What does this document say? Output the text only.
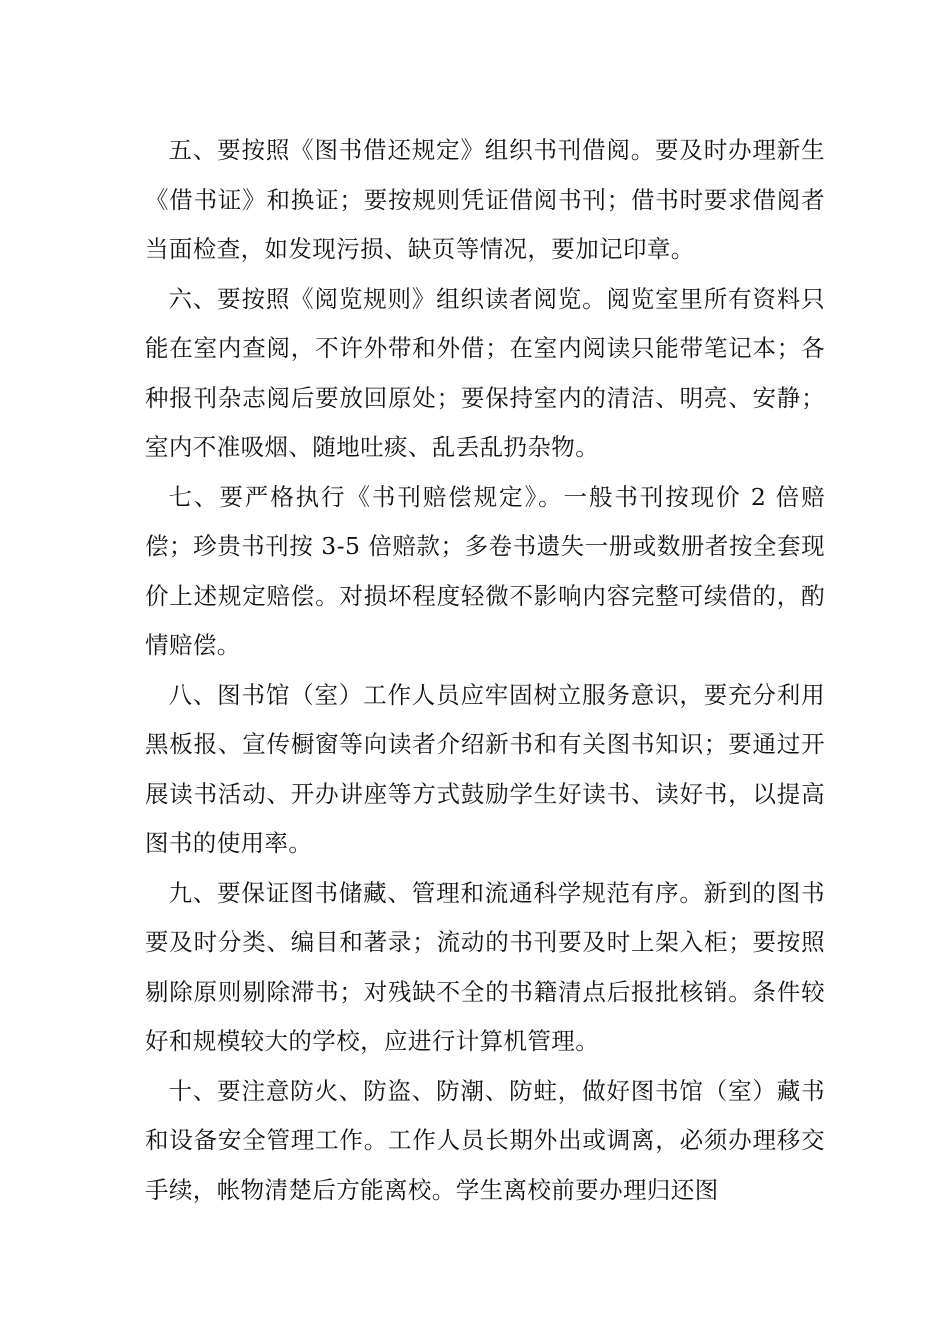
五、要按照《图书借还规定》组织书刊借阅。要及时办理新生《借书证》和换证；要按规则凭证借阅书刊；借书时要求借阅者当面检查，如发现污损、缺页等情况，要加记印章。

六、要按照《阅览规则》组织读者阅览。阅览室里所有资料只能在室内查阅，不许外带和外借；在室内阅读只能带笔记本；各种报刊杂志阅后要放回原处；要保持室内的清洁、明亮、安静；室内不准吸烟、随地吐痰、乱丢乱扔杂物。

七、要严格执行《书刊赔偿规定》。一般书刊按现价 2 倍赔偿；珍贵书刊按 3-5 倍赔款；多卷书遗失一册或数册者按全套现价上述规定赔偿。对损坏程度轻微不影响内容完整可续借的，酌情赔偿。

八、图书馆（室）工作人员应牢固树立服务意识，要充分利用黑板报、宣传橱窗等向读者介绍新书和有关图书知识；要通过开展读书活动、开办讲座等方式鼓励学生好读书、读好书，以提高图书的使用率。

九、要保证图书储藏、管理和流通科学规范有序。新到的图书要及时分类、编目和著录；流动的书刊要及时上架入柜；要按照剔除原则剔除滞书；对残缺不全的书籍清点后报批核销。条件较好和规模较大的学校，应进行计算机管理。

十、要注意防火、防盗、防潮、防蛀，做好图书馆（室）藏书和设备安全管理工作。工作人员长期外出或调离，必须办理移交手续，帐物清楚后方能离校。学生离校前要办理归还图
